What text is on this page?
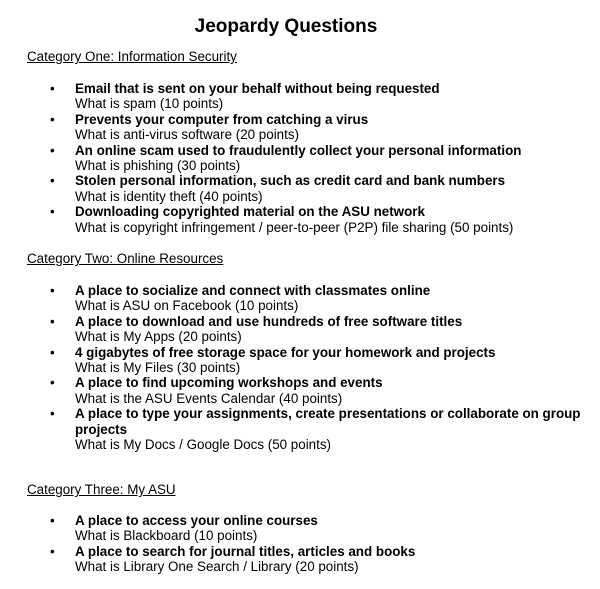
Jeopardy Questions

Category One: Information Security

• Email that is sent on your behalf without being requested
What is spam (10 points)
• Prevents your computer from catching a virus
What is anti-virus software (20 points)
• An online scam used to fraudulently collect your personal information
What is phishing (30 points)
• Stolen personal information, such as credit card and bank numbers
What is identity theft (40 points)
• Downloading copyrighted material on the ASU network
What is copyright infringement / peer-to-peer (P2P) file sharing (50 points)

Category Two: Online Resources

• A place to socialize and connect with classmates online
What is ASU on Facebook (10 points)
• A place to download and use hundreds of free software titles
What is My Apps (20 points)
• 4 gigabytes of free storage space for your homework and projects
What is My Files (30 points)
• A place to find upcoming workshops and events
What is the ASU Events Calendar (40 points)
• A place to type your assignments, create presentations or collaborate on group projects
What is My Docs / Google Docs (50 points)

Category Three: My ASU

• A place to access your online courses
What is Blackboard (10 points)
• A place to search for journal titles, articles and books
What is Library One Search / Library (20 points)
